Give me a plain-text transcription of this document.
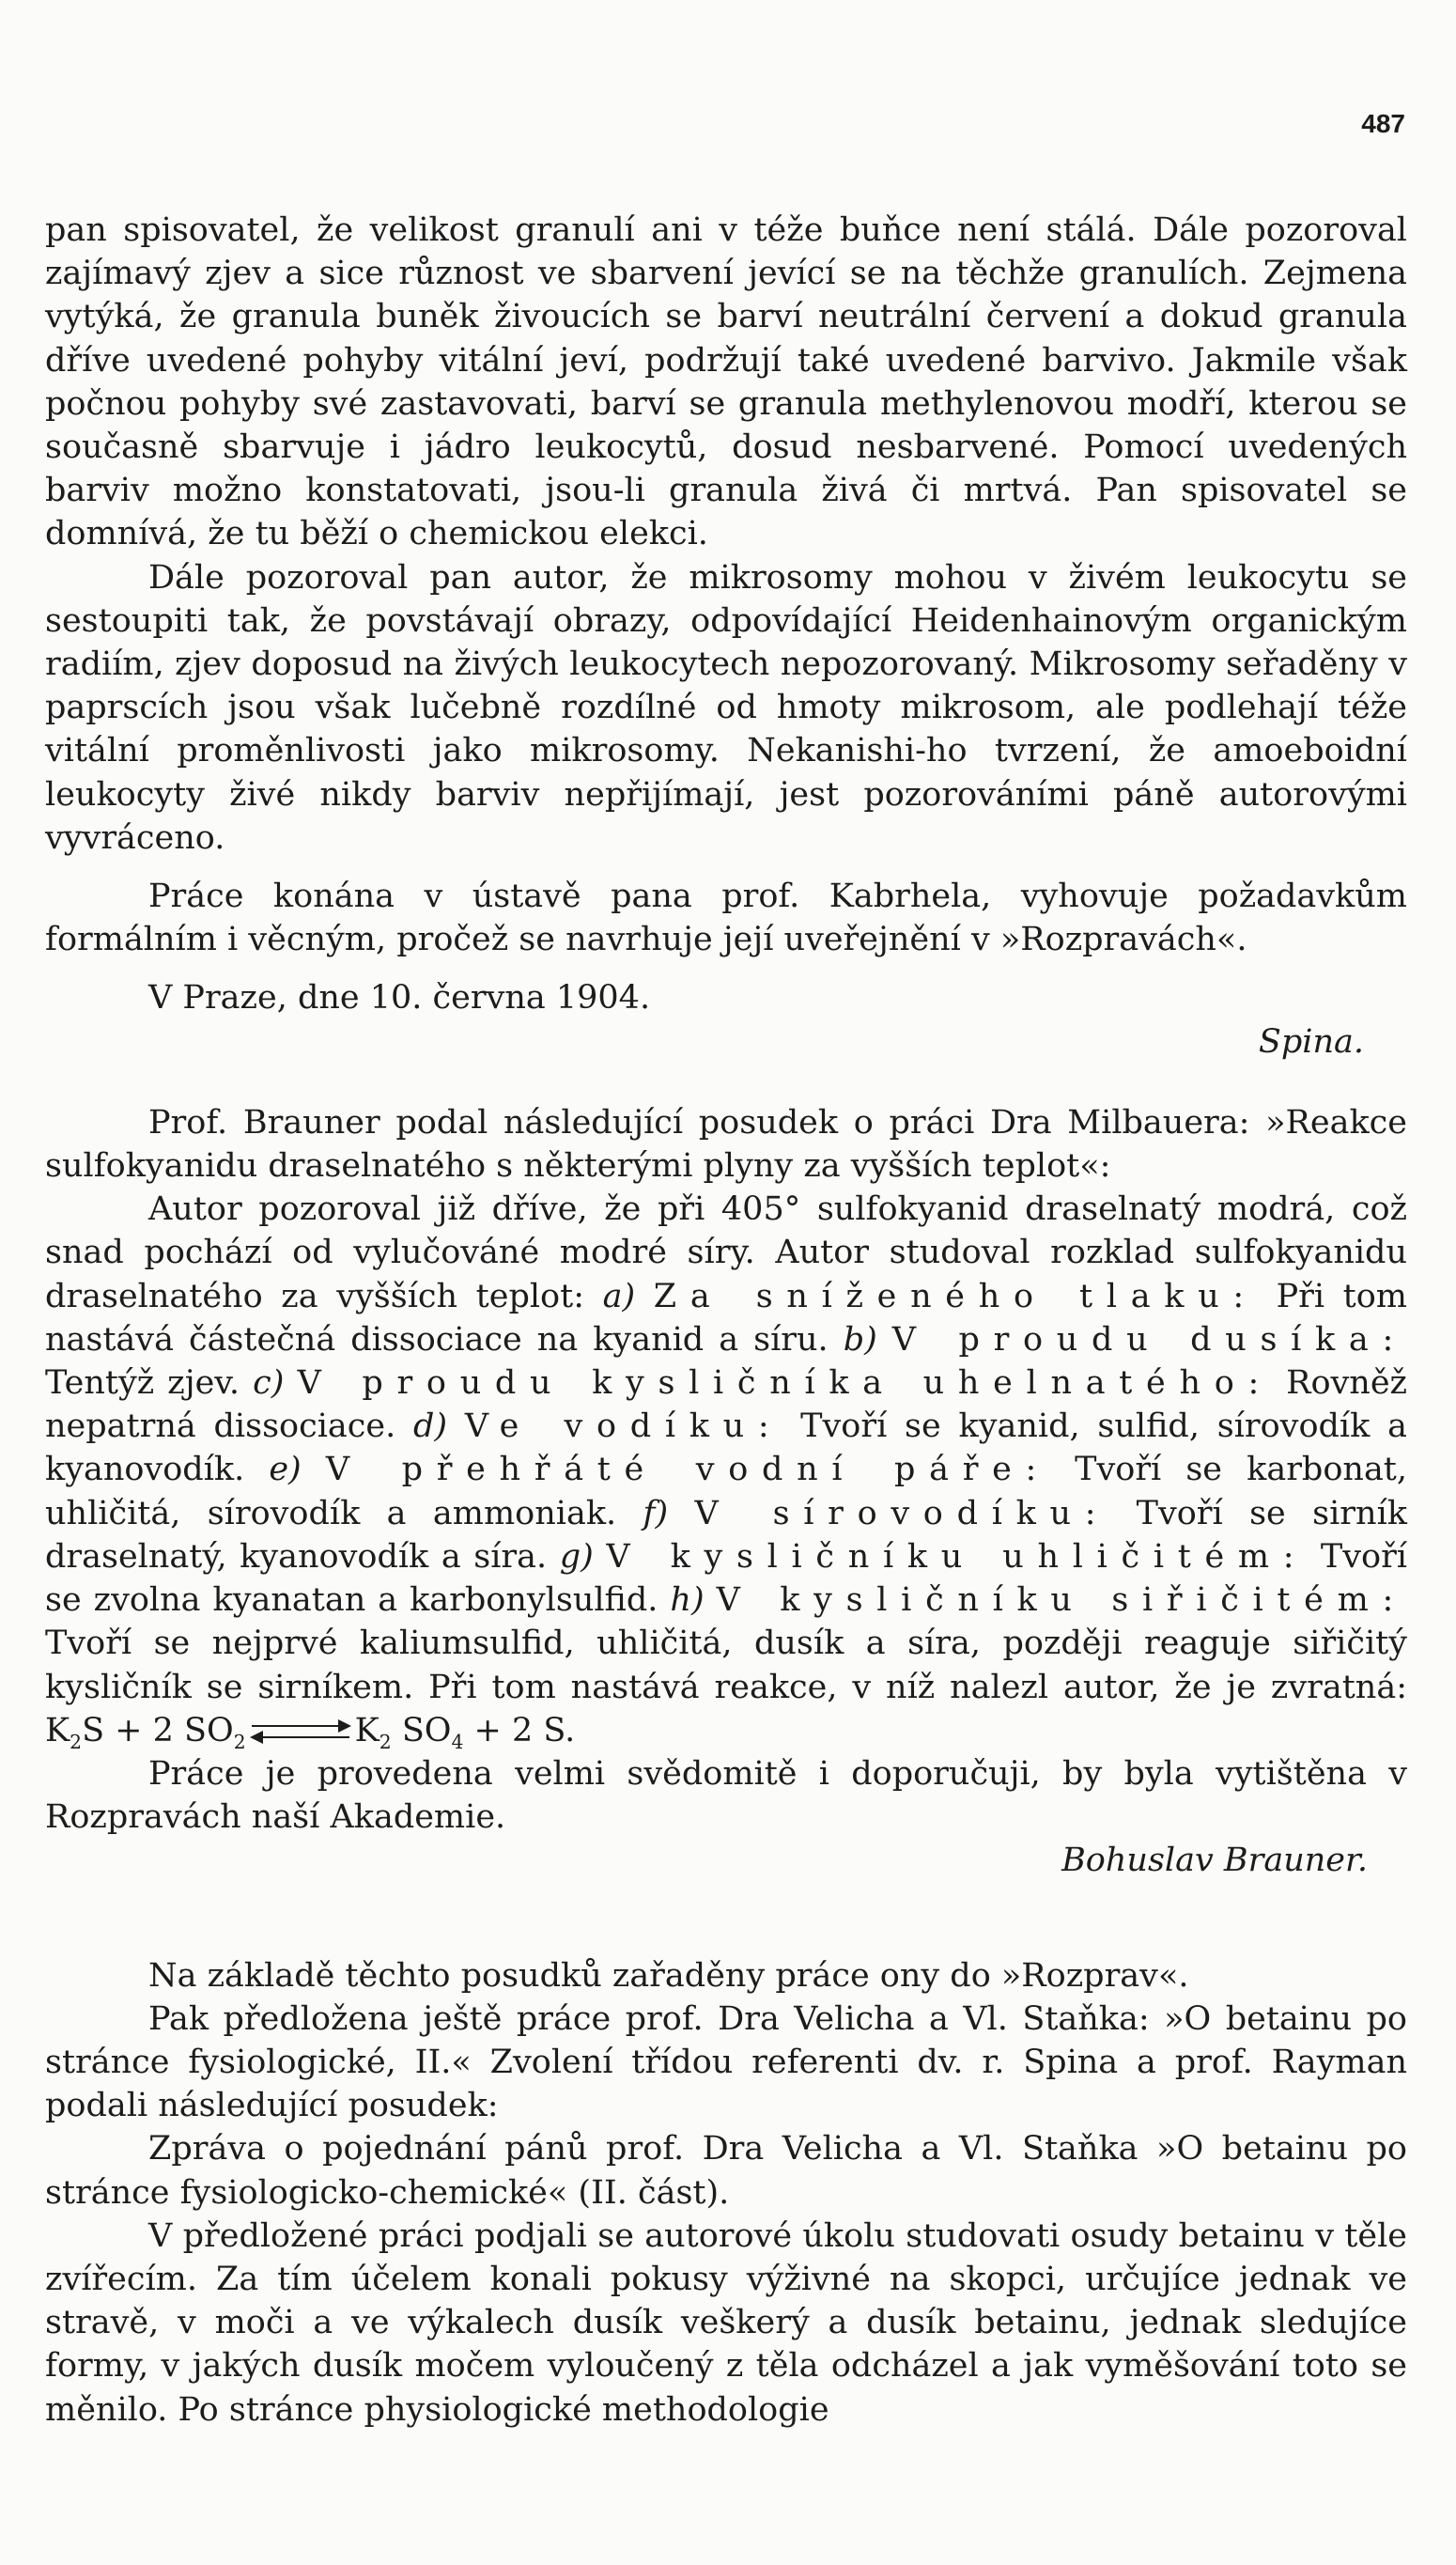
487

pan spisovatel, že velikost granulí ani v téže buňce není stálá. Dále pozoroval zajímavý zjev a sice různost ve sbarvení jevící se na těchže granulích. Zejmena vytýká, že granula buněk živoucích se barví neutrální červení a dokud granula dříve uvedené pohyby vitální jeví, podržují také uvedené barvivo. Jakmile však počnou pohyby své zastavovati, barví se granula methylenovou modří, kterou se současně sbarvuje i jádro leukocytů, dosud nesbarvené. Pomocí uvedených barviv možno konstatovati, jsou-li granula živá či mrtvá. Pan spisovatel se domnívá, že tu běží o chemickou elekci.

Dále pozoroval pan autor, že mikrosomy mohou v živém leukocytu se sestoupiti tak, že povstávají obrazy, odpovídající Heidenhainovým organickým radiím, zjev doposud na živých leukocytech nepozorovaný. Mikrosomy seřaděny v paprscích jsou však lučebně rozdílné od hmoty mikrosom, ale podlehají téže vitální proměnlivosti jako mikrosomy. Nekanishi-ho tvrzení, že amoeboidní leukocyty živé nikdy barviv nepřijímají, jest pozorováními páně autorovými vyvráceno.

Práce konána v ústavě pana prof. Kabrhela, vyhovuje požadavkům formálním i věcným, pročež se navrhuje její uveřejnění v »Rozpravách«.

V Praze, dne 10. června 1904.

Spina.

Prof. Brauner podal následující posudek o práci Dra Milbauera: »Reakce sulfokyanidu draselnatého s některými plyny za vyšších teplot«:

Autor pozoroval již dříve, že při 405° sulfokyanid draselnatý modrá, což snad pochází od vylučováné modré síry. Autor studoval rozklad sulfokyanidu draselnatého za vyšších teplot: a) Za sníženého tlaku: Při tom nastává částečná dissociace na kyanid a síru. b) V proudu dusíka: Tentýž zjev. c) V proudu kysličníka uhelnatého: Rovněž nepatrná dissociace. d) Ve vodíku: Tvoří se kyanid, sulfid, sírovodík a kyanovodík. e) V přehřáté vodní páře: Tvoří se karbonat, uhličitá, sírovodík a ammoniak. f) V sírovodíku: Tvoří se sirník draselnatý, kyanovodík a síra. g) V kysličníku uhličitém: Tvoří se zvolna kyanatan a karbonylsulfid. h) V kysličníku siřičitém: Tvoří se nejprvé kaliumsulfid, uhličitá, dusík a síra, později reaguje siřičitý kysličník se sirníkem. Při tom nastává reakce, v níž nalezl autor, že je zvratná: $K_2S + 2$ $SO_2$ ⇌ $K_2$ $SO_4 + 2$ S.

Práce je provedena velmi svědomitě i doporučuji, by byla vytištěna v Rozpravách naší Akademie.

Bohuslav Brauner.

Na základě těchto posudků zařaděny práce ony do »Rozprav«.

Pak předložena ještě práce prof. Dra Velicha a Vl. Staňka: »O betainu po stránce fysiologické, II.« Zvolení třídou referenti dv. r. Spina a prof. Rayman podali následující posudek:

Zpráva o pojednání pánů prof. Dra Velicha a Vl. Staňka »O betainu po stránce fysiologicko-chemické« (II. část).

V předložené práci podjali se autorové úkolu studovati osudy betainu v těle zvířecím. Za tím účelem konali pokusy výživné na skopci, určujíce jednak ve stravě, v moči a ve výkalech dusík veškerý a dusík betainu, jednak sledujíce formy, v jakých dusík močem vyloučený z těla odcházel a jak vyměšování toto se měnilo. Po stránce physiologické methodologie
